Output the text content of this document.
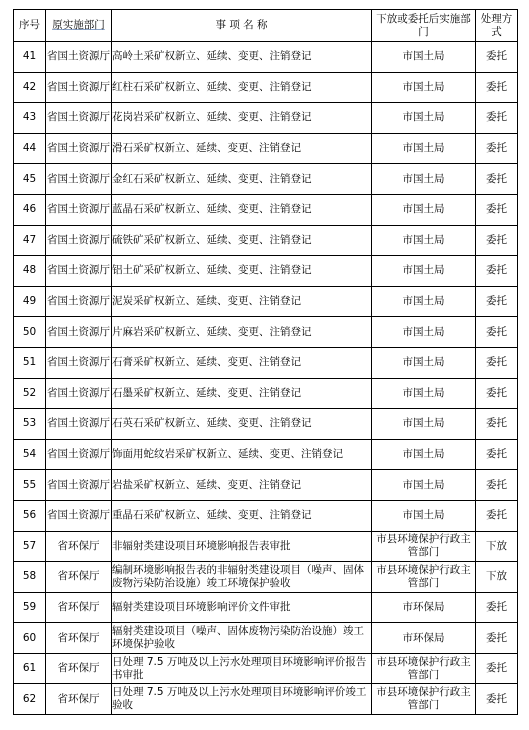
序号	原实施部门	事 项 名 称	下放或委托后实施部门	处理方式
41	省国土资源厅	高岭土采矿权新立、延续、变更、注销登记	市国土局	委托
42	省国土资源厅	红柱石采矿权新立、延续、变更、注销登记	市国土局	委托
43	省国土资源厅	花岗岩采矿权新立、延续、变更、注销登记	市国土局	委托
44	省国土资源厅	滑石采矿权新立、延续、变更、注销登记	市国土局	委托
45	省国土资源厅	金红石采矿权新立、延续、变更、注销登记	市国土局	委托
46	省国土资源厅	蓝晶石采矿权新立、延续、变更、注销登记	市国土局	委托
47	省国土资源厅	硫铁矿采矿权新立、延续、变更、注销登记	市国土局	委托
48	省国土资源厅	铝土矿采矿权新立、延续、变更、注销登记	市国土局	委托
49	省国土资源厅	泥炭采矿权新立、延续、变更、注销登记	市国土局	委托
50	省国土资源厅	片麻岩采矿权新立、延续、变更、注销登记	市国土局	委托
51	省国土资源厅	石膏采矿权新立、延续、变更、注销登记	市国土局	委托
52	省国土资源厅	石墨采矿权新立、延续、变更、注销登记	市国土局	委托
53	省国土资源厅	石英石采矿权新立、延续、变更、注销登记	市国土局	委托
54	省国土资源厅	饰面用蛇纹岩采矿权新立、延续、变更、注销登记	市国土局	委托
55	省国土资源厅	岩盐采矿权新立、延续、变更、注销登记	市国土局	委托
56	省国土资源厅	重晶石采矿权新立、延续、变更、注销登记	市国土局	委托
57	省环保厅	非辐射类建设项目环境影响报告表审批	市县环境保护行政主管部门	下放
58	省环保厅	编制环境影响报告表的非辐射类建设项目（噪声、固体废物污染防治设施）竣工环境保护验收	市县环境保护行政主管部门	下放
59	省环保厅	辐射类建设项目环境影响评价文件审批	市环保局	委托
60	省环保厅	辐射类建设项目（噪声、固体废物污染防治设施）竣工环境保护验收	市环保局	委托
61	省环保厅	日处理 7.5 万吨及以上污水处理项目环境影响评价报告书审批	市县环境保护行政主管部门	委托
62	省环保厅	日处理 7.5 万吨及以上污水处理项目环境影响评价竣工验收	市县环境保护行政主管部门	委托
